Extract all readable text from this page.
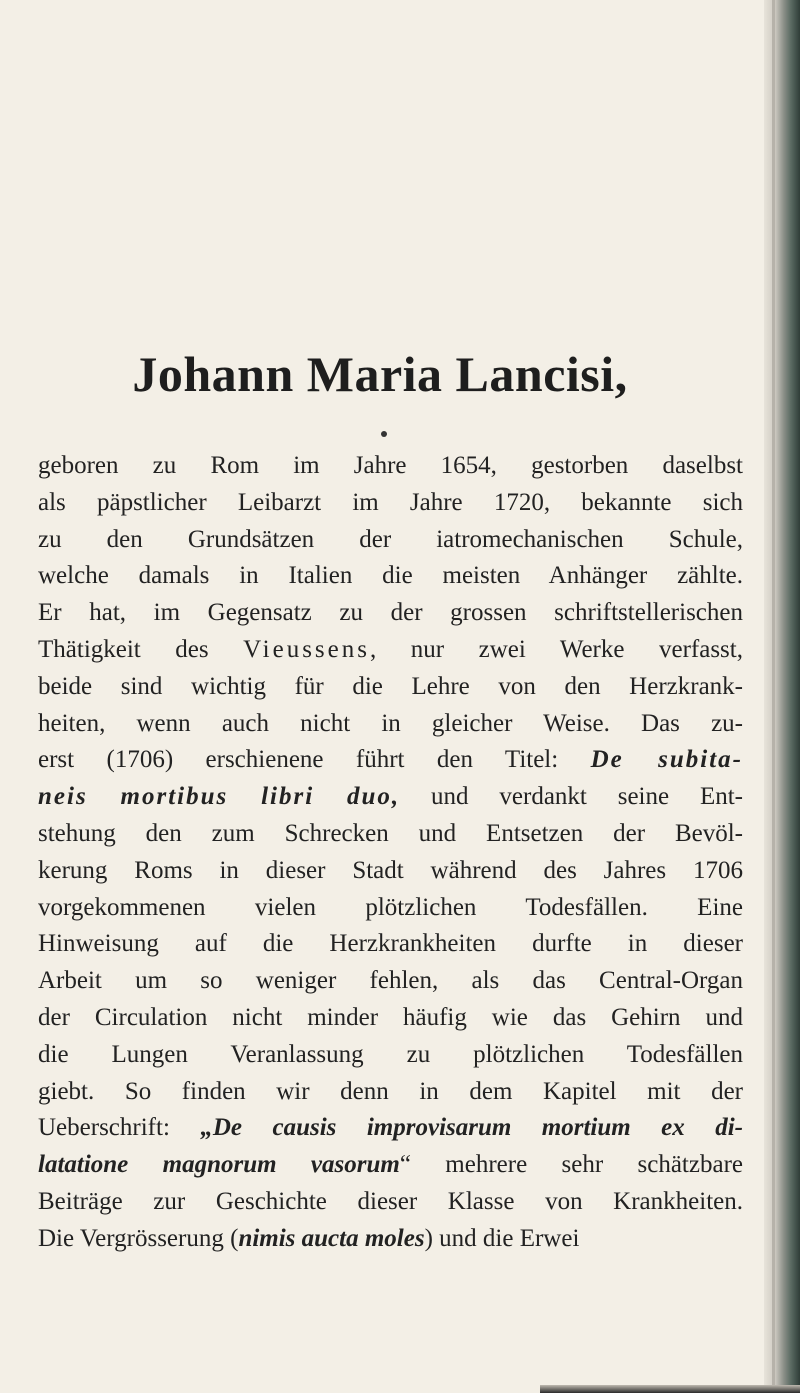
Johann Maria Lancisi,
geboren zu Rom im Jahre 1654, gestorben daselbst
als päpstlicher Leibarzt im Jahre 1720, bekannte sich
zu den Grundsätzen der iatromechanischen Schule,
welche damals in Italien die meisten Anhänger zählte.
Er hat, im Gegensatz zu der grossen schriftstellerischen
Thätigkeit des Vieussens, nur zwei Werke verfasst,
beide sind wichtig für die Lehre von den Herzkrank-
heiten, wenn auch nicht in gleicher Weise. Das zu-
erst (1706) erschienene führt den Titel: De subita-
neis mortibus libri duo, und verdankt seine Ent-
stehung den zum Schrecken und Entsetzen der Bevöl-
kerung Roms in dieser Stadt während des Jahres 1706
vorgekommenen vielen plötzlichen Todesfällen. Eine
Hinweisung auf die Herzkrankheiten durfte in dieser
Arbeit um so weniger fehlen, als das Central-Organ
der Circulation nicht minder häufig wie das Gehirn und
die Lungen Veranlassung zu plötzlichen Todesfällen
giebt. So finden wir denn in dem Kapitel mit der
Ueberschrift: „De causis improvisarum mortium ex di-
latatione magnorum vasorum“ mehrere sehr schätzbare
Beiträge zur Geschichte dieser Klasse von Krankheiten.
Die Vergrösserung (nimis aucta moles) und die Erwei
